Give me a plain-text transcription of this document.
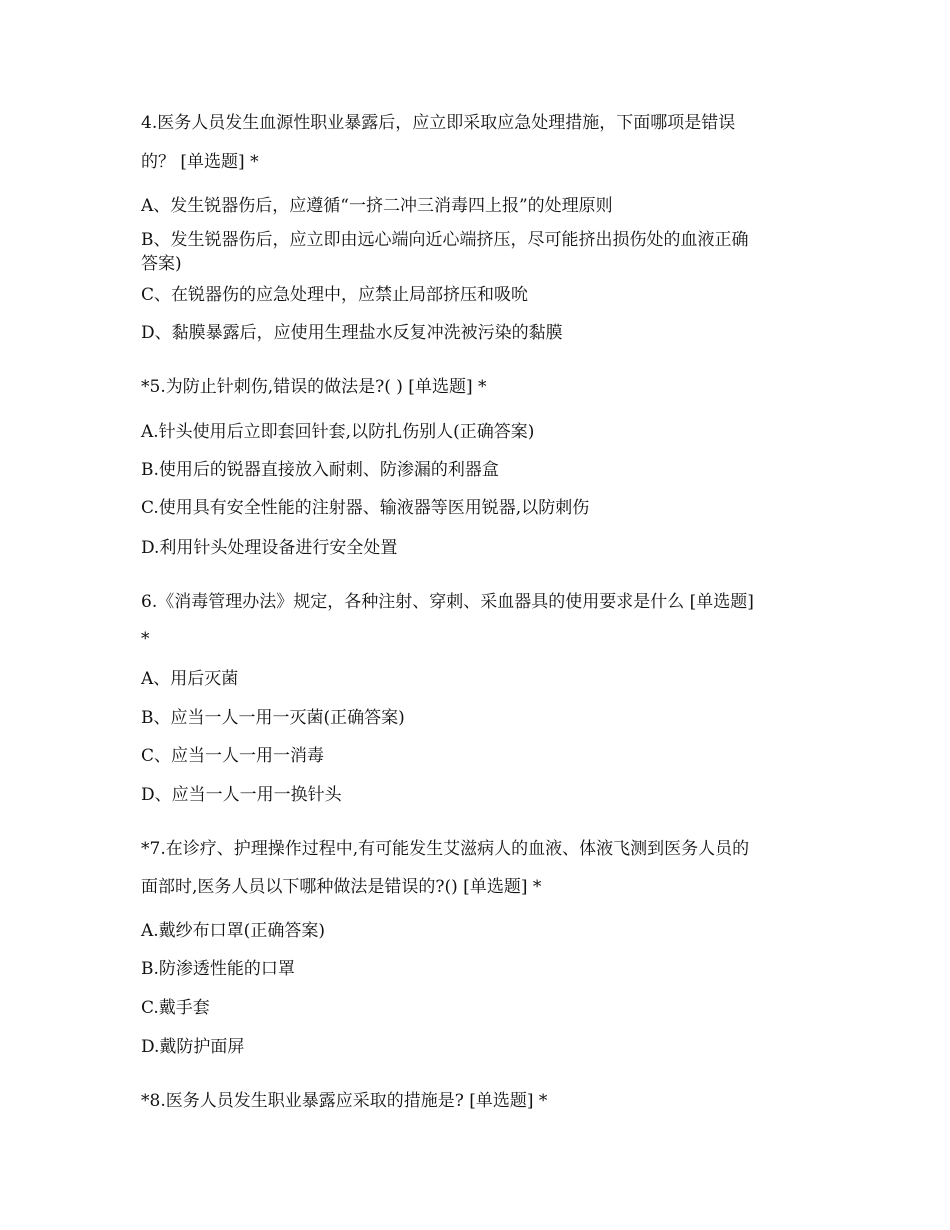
4.医务人员发生血源性职业暴露后，应立即采取应急处理措施，下面哪项是错误
的？ [单选题] *
A、发生锐器伤后，应遵循“一挤二冲三消毒四上报”的处理原则
B、发生锐器伤后，应立即由远心端向近心端挤压，尽可能挤出损伤处的血液正确
答案)
C、在锐器伤的应急处理中，应禁止局部挤压和吸吮
D、黏膜暴露后，应使用生理盐水反复冲洗被污染的黏膜
*5.为防止针刺伤,错误的做法是?( ) [单选题] *
A.针头使用后立即套回针套,以防扎伤别人(正确答案)
B.使用后的锐器直接放入耐刺、防渗漏的利器盒
C.使用具有安全性能的注射器、输液器等医用锐器,以防刺伤
D.利用针头处理设备进行安全处置
6.《消毒管理办法》规定，各种注射、穿刺、采血器具的使用要求是什么 [单选题]
*
A、用后灭菌
B、应当一人一用一灭菌(正确答案)
C、应当一人一用一消毒
D、应当一人一用一换针头
*7.在诊疗、护理操作过程中,有可能发生艾滋病人的血液、体液飞测到医务人员的
面部时,医务人员以下哪种做法是错误的?() [单选题] *
A.戴纱布口罩(正确答案)
B.防渗透性能的口罩
C.戴手套
D.戴防护面屏
*8.医务人员发生职业暴露应采取的措施是? [单选题] *
